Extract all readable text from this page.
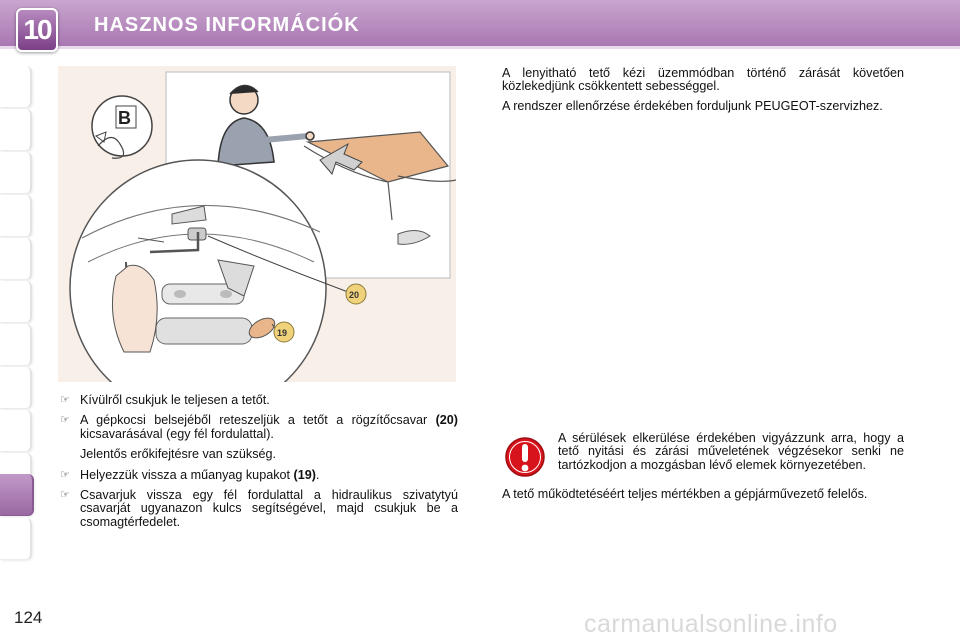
10	HASZNOS INFORMÁCIÓK
B
20
19
☞ Kívülről csukjuk le teljesen a tetőt.

☞ A gépkocsi belsejéből reteszeljük a tetőt a rögzítőcsavar (20) kicsavarásával (egy fél fordulattal).

Jelentős erőkifejtésre van szükség.

☞ Helyezzük vissza a műanyag kupakot (19).

☞ Csavarjuk vissza egy fél fordulattal a hidraulikus szivatytyú csavarját ugyanazon kulcs segítségével, majd csukjuk be a csomagtérfedelet.

A lenyitható tető kézi üzemmódban történő zárását követően közlekedjünk csökkentett sebességgel.

A rendszer ellenőrzése érdekében forduljunk PEUGEOT-szervizhez.

A sérülések elkerülése érdekében vigyázzunk arra, hogy a tető nyitási és zárási műveletének végzésekor senki ne tartózkodjon a mozgásban lévő elemek környezetében.

A tető működtetéséért teljes mértékben a gépjárművezető felelős.

124	carmanualsonline.info
